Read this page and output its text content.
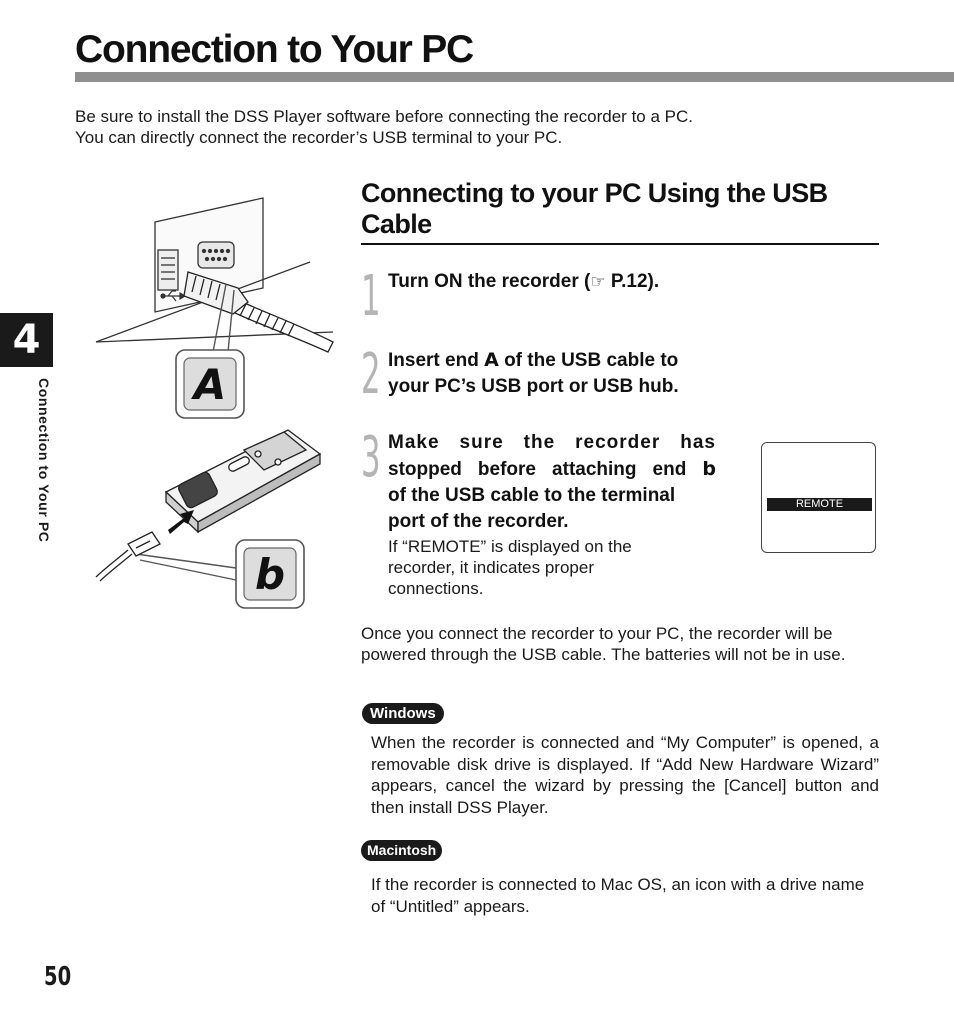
Connection to Your PC

Be sure to install the DSS Player software before connecting the recorder to a PC.

You can directly connect the recorder’s USB terminal to your PC.

4
Connection to Your PC	A
b
Connecting to your PC Using the USB Cable
1 Turn ON the recorder (☞ P.12).
2 Insert end A of the USB cable to
your PC’s USB port or USB hub.
3 Make sure the recorder has
stopped before attaching end b
of the USB cable to the terminal
port of the recorder.
If “REMOTE” is displayed on the recorder, it indicates proper connections.
REMOTE
Once you connect the recorder to your PC, the recorder will be powered through the USB cable. The batteries will not be in use.
Windows
When the recorder is connected and “My Computer” is opened, a removable disk drive is displayed. If “Add New Hardware Wizard” appears, cancel the wizard by pressing the [Cancel] button and then install DSS Player.
Macintosh
If the recorder is connected to Mac OS, an icon with a drive name of “Untitled” appears.
50
